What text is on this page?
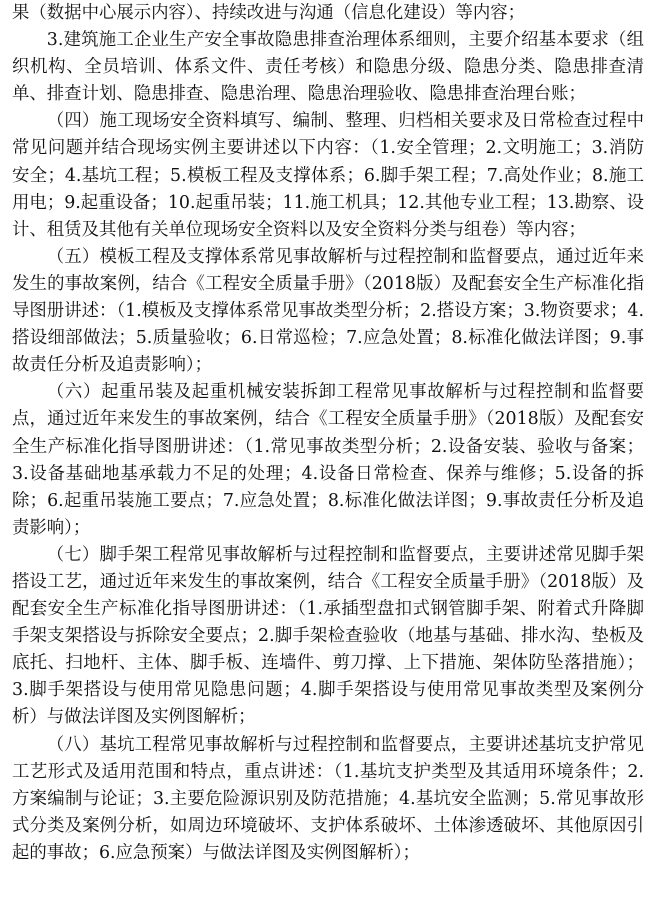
果（数据中心展示内容）、持续改进与沟通（信息化建设）等内容；

3.建筑施工企业生产安全事故隐患排查治理体系细则，主要介绍基本要求（组织机构、全员培训、体系文件、责任考核）和隐患分级、隐患分类、隐患排查清单、排查计划、隐患排查、隐患治理、隐患治理验收、隐患排查治理台账；

（四）施工现场安全资料填写、编制、整理、归档相关要求及日常检查过程中常见问题并结合现场实例主要讲述以下内容：（1.安全管理；2.文明施工；3.消防安全；4.基坑工程；5.模板工程及支撑体系；6.脚手架工程；7.高处作业；8.施工用电；9.起重设备；10.起重吊装；11.施工机具；12.其他专业工程；13.勘察、设计、租赁及其他有关单位现场安全资料以及安全资料分类与组卷）等内容；

（五）模板工程及支撑体系常见事故解析与过程控制和监督要点，通过近年来发生的事故案例，结合《工程安全质量手册》（2018版）及配套安全生产标准化指导图册讲述：（1.模板及支撑体系常见事故类型分析；2.搭设方案；3.物资要求；4.搭设细部做法；5.质量验收；6.日常巡检；7.应急处置；8.标准化做法详图；9.事故责任分析及追责影响）；

（六）起重吊装及起重机械安装拆卸工程常见事故解析与过程控制和监督要点，通过近年来发生的事故案例，结合《工程安全质量手册》（2018版）及配套安全生产标准化指导图册讲述：（1.常见事故类型分析；2.设备安装、验收与备案；3.设备基础地基承载力不足的处理；4.设备日常检查、保养与维修；5.设备的拆除；6.起重吊装施工要点；7.应急处置；8.标准化做法详图；9.事故责任分析及追责影响）；

（七）脚手架工程常见事故解析与过程控制和监督要点，主要讲述常见脚手架搭设工艺，通过近年来发生的事故案例，结合《工程安全质量手册》（2018版）及配套安全生产标准化指导图册讲述：（1.承插型盘扣式钢管脚手架、附着式升降脚手架支架搭设与拆除安全要点；2.脚手架检查验收（地基与基础、排水沟、垫板及底托、扫地杆、主体、脚手板、连墙件、剪刀撑、上下措施、架体防坠落措施）；3.脚手架搭设与使用常见隐患问题；4.脚手架搭设与使用常见事故类型及案例分析）与做法详图及实例图解析；

（八）基坑工程常见事故解析与过程控制和监督要点，主要讲述基坑支护常见工艺形式及适用范围和特点，重点讲述：（1.基坑支护类型及其适用环境条件；2.方案编制与论证；3.主要危险源识别及防范措施；4.基坑安全监测；5.常见事故形式分类及案例分析，如周边环境破坏、支护体系破坏、土体渗透破坏、其他原因引起的事故；6.应急预案）与做法详图及实例图解析）；
